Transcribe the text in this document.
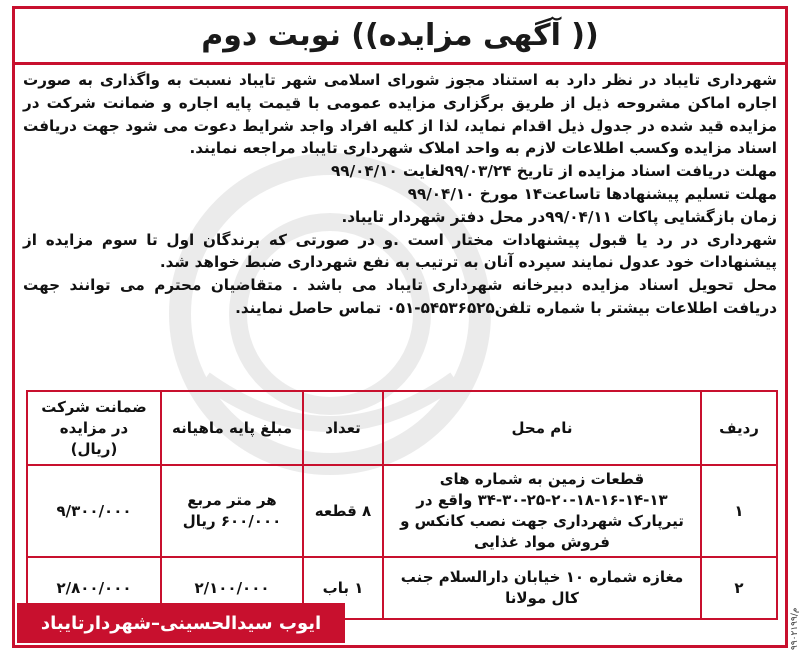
(( آگهی مزایده)) نوبت دوم

شهرداری تایباد در نظر دارد به استناد مجوز شورای اسلامی شهر تایباد نسبت به واگذاری به صورت اجاره اماکن مشروحه ذیل از طریق برگزاری مزایده عمومی با قیمت پایه اجاره و ضمانت شرکت در مزایده قید شده در جدول ذیل اقدام نماید، لذا از کلیه افراد واجد شرایط دعوت می شود جهت دریافت اسناد مزایده وکسب اطلاعات لازم به واحد املاک شهرداری تایباد مراجعه نمایند.

مهلت دریافت اسناد مزایده از تاریخ ۹۹/۰۳/۲۴لغایت ۹۹/۰۴/۱۰

مهلت تسلیم پیشنهادها تاساعت۱۴ مورخ ۹۹/۰۴/۱۰

زمان بازگشایی پاکات ۹۹/۰۴/۱۱در محل دفتر شهردار تایباد.

شهرداری در رد یا قبول پیشنهادات مختار است .و در صورتی که برندگان اول تا سوم مزایده از پیشنهادات خود عدول نمایند سپرده آنان به ترتیب به نفع شهرداری ضبط خواهد شد.

محل تحویل اسناد مزایده دبیرخانه شهرداری تایباد می باشد . متقاضیان محترم می توانند جهت دریافت اطلاعات بیشتر با شماره تلفن۵۴۵۳۶۵۲۵-۰۵۱ تماس حاصل نمایند.

ردیف	نام محل	تعداد	مبلغ پایه ماهیانه	ضمانت شرکت در مزایده (ریال)
۱	قطعات زمین به شماره های ۱۳-۱۴-۱۶-۱۸-۲۰-۲۵-۳۰-۳۴ واقع در تیرپارک شهرداری جهت نصب کانکس و فروش مواد غذایی	۸ قطعه	هر متر مربع ۶۰۰/۰۰۰ ریال	۹/۳۰۰/۰۰۰
۲	مغازه شماره ۱۰ خیابان دارالسلام جنب کال مولانا	۱ باب	۲/۱۰۰/۰۰۰	۲/۸۰۰/۰۰۰
ایوب سیدالحسینی–شهردارتایباد	م/۹۹۰۲۱۹۹
